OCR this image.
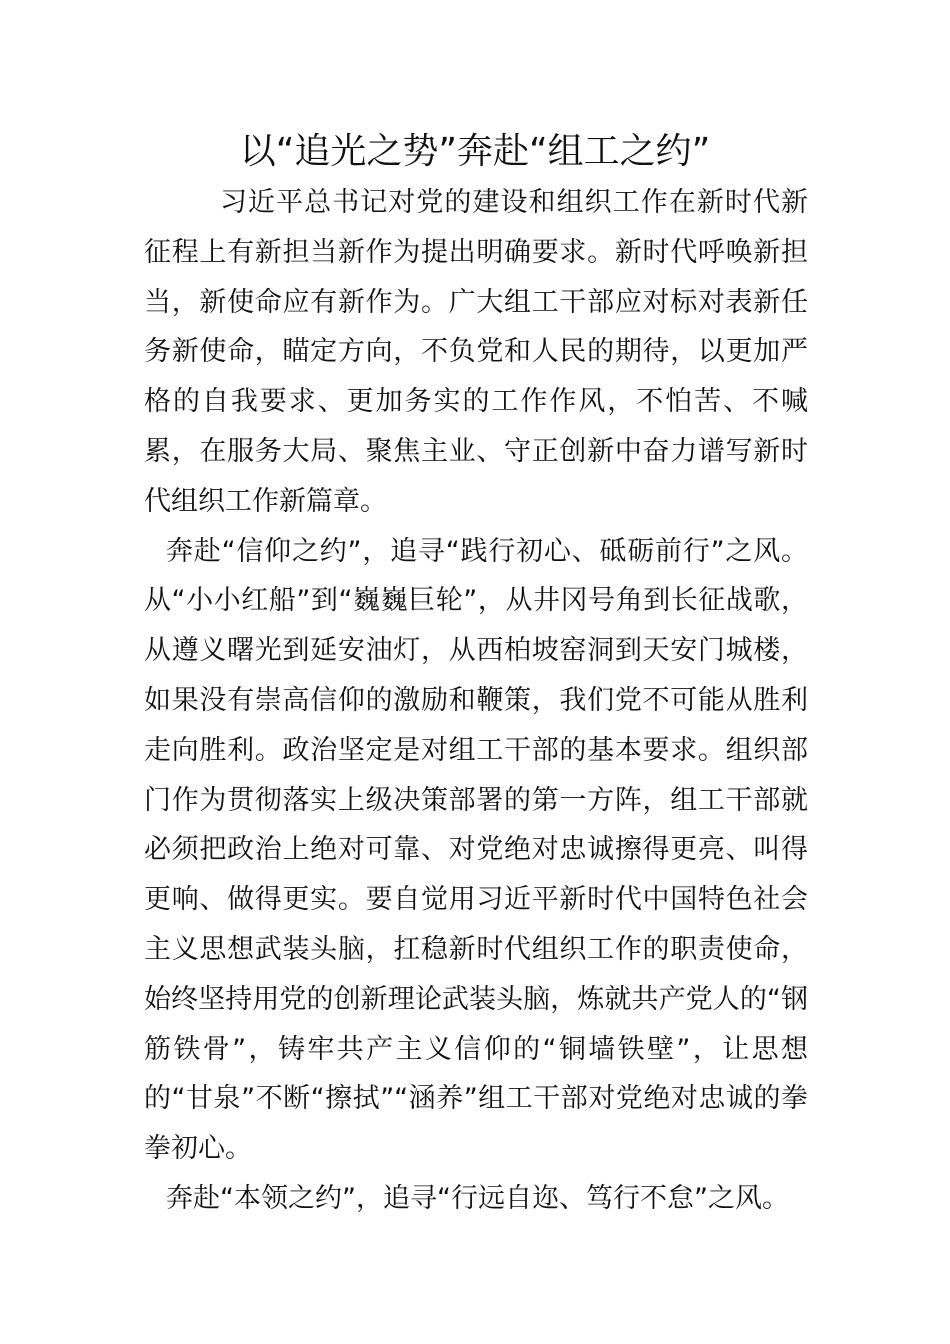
以“追光之势”奔赴“组工之约”

习近平总书记对党的建设和组织工作在新时代新征程上有新担当新作为提出明确要求。新时代呼唤新担当，新使命应有新作为。广大组工干部应对标对表新任务新使命，瞄定方向，不负党和人民的期待，以更加严格的自我要求、更加务实的工作作风，不怕苦、不喊累，在服务大局、聚焦主业、守正创新中奋力谱写新时代组织工作新篇章。

奔赴“信仰之约”，追寻“践行初心、砥砺前行”之风。从“小小红船”到“巍巍巨轮”，从井冈号角到长征战歌，从遵义曙光到延安油灯，从西柏坡窑洞到天安门城楼，如果没有崇高信仰的激励和鞭策，我们党不可能从胜利走向胜利。政治坚定是对组工干部的基本要求。组织部门作为贯彻落实上级决策部署的第一方阵，组工干部就必须把政治上绝对可靠、对党绝对忠诚擦得更亮、叫得更响、做得更实。要自觉用习近平新时代中国特色社会主义思想武装头脑，扛稳新时代组织工作的职责使命，始终坚持用党的创新理论武装头脑，炼就共产党人的“钢筋铁骨”，铸牢共产主义信仰的“铜墙铁壁”，让思想的“甘泉”不断“擦拭”“涵养”组工干部对党绝对忠诚的拳拳初心。

奔赴“本领之约”，追寻“行远自迩、笃行不怠”之风。
